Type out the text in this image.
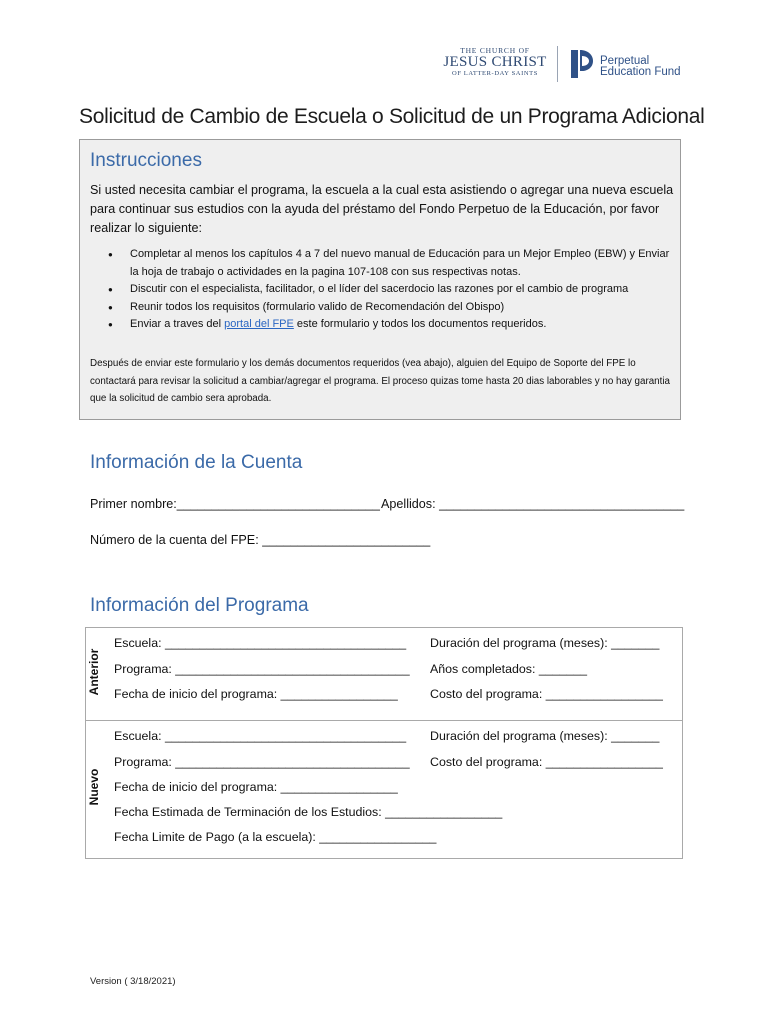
THE CHURCH OF
JESUS CHRIST
OF LATTER-DAY SAINTS
Perpetual
Education Fund
Solicitud de Cambio de Escuela o Solicitud de un Programa Adicional
Instrucciones
Si usted necesita cambiar el programa, la escuela a la cual esta asistiendo o agregar una nueva escuela para continuar sus estudios con la ayuda del préstamo del Fondo Perpetuo de la Educación, por favor realizar lo siguiente:
● Completar al menos los capítulos 4 a 7 del nuevo manual de Educación para un Mejor Empleo (EBW) y Enviar la hoja de trabajo o actividades en la pagina 107-108 con sus respectivas notas.
● Discutir con el especialista, facilitador, o el líder del sacerdocio las razones por el cambio de programa
● Reunir todos los requisitos (formulario valido de Recomendación del Obispo)
● Enviar a traves del portal del FPE este formulario y todos los documentos requeridos.
Después de enviar este formulario y los demás documentos requeridos (vea abajo), alguien del Equipo de Soporte del FPE lo contactará para revisar la solicitud a cambiar/agregar el programa. El proceso quizas tome hasta 20 dias laborables y no hay garantia que la solicitud de cambio sera aprobada.
Información de la Cuenta
Primer nombre:_____________________________ Apellidos: ___________________________________
Número de la cuenta del FPE: ________________________
Información del Programa
Anterior
Escuela: ___________________________________
Programa: __________________________________
Fecha de inicio del programa: _________________
Duración del programa (meses): _______
Años completados: _______
Costo del programa: _________________
Nuevo
Escuela: ___________________________________
Programa: __________________________________
Fecha de inicio del programa: _________________
Fecha Estimada de Terminación de los Estudios: _________________
Fecha Limite de Pago (a la escuela): _________________
Duración del programa (meses): _______
Costo del programa: _________________
Version ( 3/18/2021)
